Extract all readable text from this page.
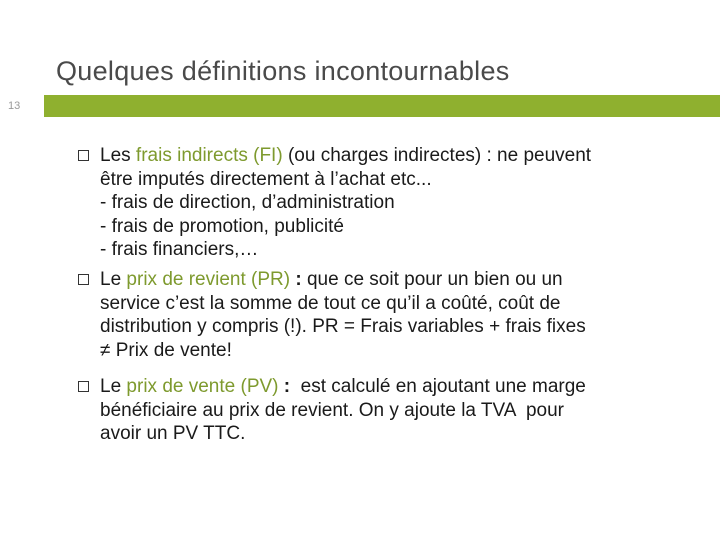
Quelques définitions incontournables
13
Les frais indirects (FI) (ou charges indirectes) : ne peuvent
être imputés directement à l’achat etc...
- frais de direction, d’administration
- frais de promotion, publicité
- frais financiers,…
Le prix de revient (PR) : que ce soit pour un bien ou un
service c’est la somme de tout ce qu’il a coûté, coût de
distribution y compris (!). PR = Frais variables + frais fixes
≠ Prix de vente!
Le prix de vente (PV) :  est calculé en ajoutant une marge
bénéficiaire au prix de revient. On y ajoute la TVA  pour
avoir un PV TTC.
